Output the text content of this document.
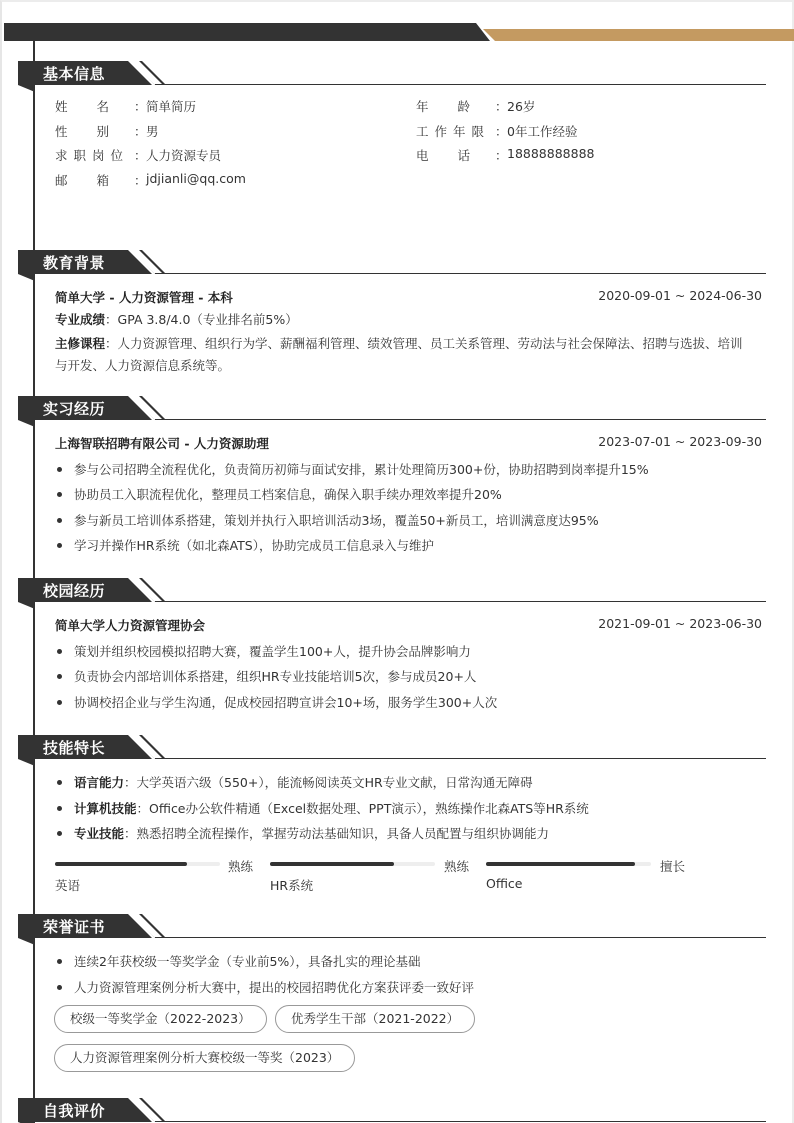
基本信息
姓 名 ： 简单简历
性 别 ： 男
求 职 岗 位 ： 人力资源专员
邮 箱 ： jdjianli@qq.com
年 龄 ： 26岁
工 作 年 限 ： 0年工作经验
电 话 ： 18888888888
教育背景
简单大学 - 人力资源管理 - 本科	2020-09-01 ~ 2024-06-30
专业成绩：GPA 3.8/4.0（专业排名前5%）
主修课程：人力资源管理、组织行为学、薪酬福利管理、绩效管理、员工关系管理、劳动法与社会保障法、招聘与选拔、培训
与开发、人力资源信息系统等。
实习经历
上海智联招聘有限公司 - 人力资源助理	2023-07-01 ~ 2023-09-30
参与公司招聘全流程优化，负责简历初筛与面试安排，累计处理简历300+份，协助招聘到岗率提升15%
协助员工入职流程优化，整理员工档案信息，确保入职手续办理效率提升20%
参与新员工培训体系搭建，策划并执行入职培训活动3场，覆盖50+新员工，培训满意度达95%
学习并操作HR系统（如北森ATS），协助完成员工信息录入与维护
校园经历
简单大学人力资源管理协会	2021-09-01 ~ 2023-06-30
策划并组织校园模拟招聘大赛，覆盖学生100+人，提升协会品牌影响力
负责协会内部培训体系搭建，组织HR专业技能培训5次，参与成员20+人
协调校招企业与学生沟通，促成校园招聘宣讲会10+场，服务学生300+人次
技能特长
语言能力：大学英语六级（550+），能流畅阅读英文HR专业文献，日常沟通无障碍
计算机技能：Office办公软件精通（Excel数据处理、PPT演示），熟练操作北森ATS等HR系统
专业技能：熟悉招聘全流程操作，掌握劳动法基础知识，具备人员配置与组织协调能力
熟练
英语
熟练
HR系统
擅长
Office
荣誉证书
连续2年获校级一等奖学金（专业前5%），具备扎实的理论基础
人力资源管理案例分析大赛中，提出的校园招聘优化方案获评委一致好评
校级一等奖学金（2022-2023）	优秀学生干部（2021-2022）
人力资源管理案例分析大赛校级一等奖（2023）
自我评价
